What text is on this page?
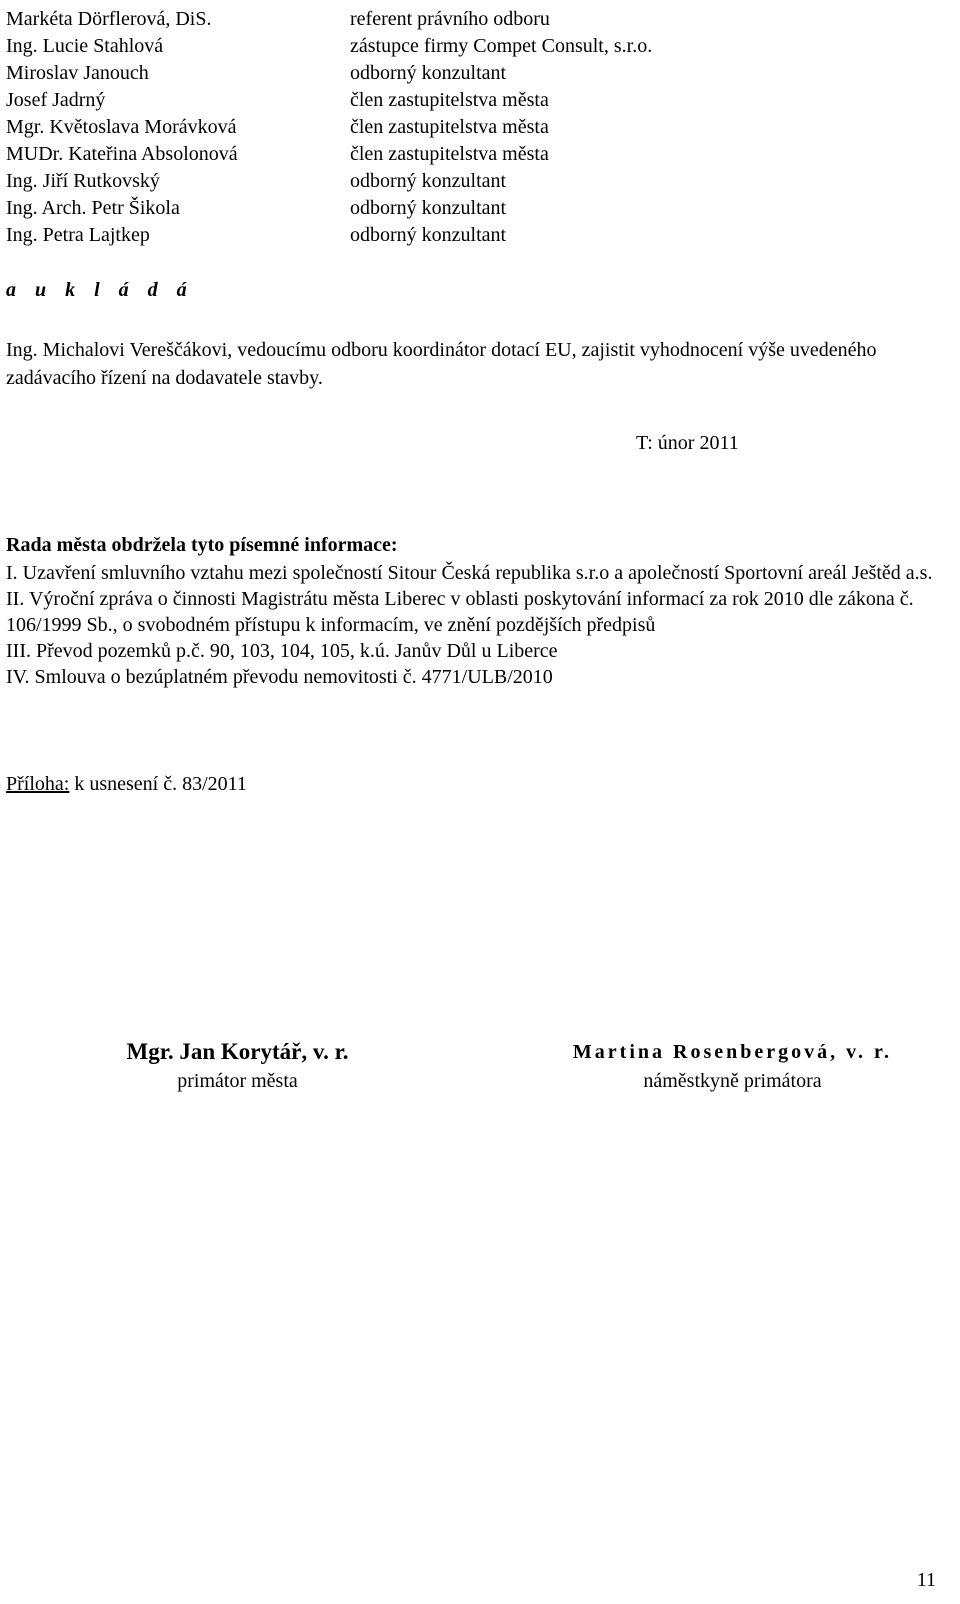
Markéta Dörflerová, DiS.	referent právního odboru
Ing. Lucie Stahlová	zástupce firmy Compet Consult, s.r.o.
Miroslav Janouch	odborný konzultant
Josef Jadrný	člen zastupitelstva města
Mgr. Květoslava Morávková	člen zastupitelstva města
MUDr. Kateřina Absolonová	člen zastupitelstva města
Ing. Jiří Rutkovský	odborný konzultant
Ing. Arch. Petr Šikola	odborný konzultant
Ing. Petra Lajtkep	odborný konzultant
a u k l á d á
Ing. Michalovi Vereščákovi, vedoucímu odboru koordinátor dotací EU, zajistit vyhodnocení výše uvedeného zadávacího řízení na dodavatele stavby.
T: únor 2011
Rada města obdržela tyto písemné informace:
I. Uzavření smluvního vztahu mezi společností Sitour Česká republika s.r.o a apolečností Sportovní areál Ještěd a.s.
II. Výroční zpráva o činnosti Magistrátu města Liberec v oblasti poskytování informací za rok 2010 dle zákona č. 106/1999 Sb., o svobodném přístupu k informacím, ve znění pozdějších předpisů
III. Převod pozemků p.č. 90, 103, 104, 105, k.ú. Janův Důl u Liberce
IV. Smlouva o bezúplatném převodu nemovitosti č. 4771/ULB/2010
Příloha: k usnesení č. 83/2011
Mgr. Jan Korytář, v. r.
primátor města
Martina Rosenbergová, v. r.
náměstkyně primátora
11
